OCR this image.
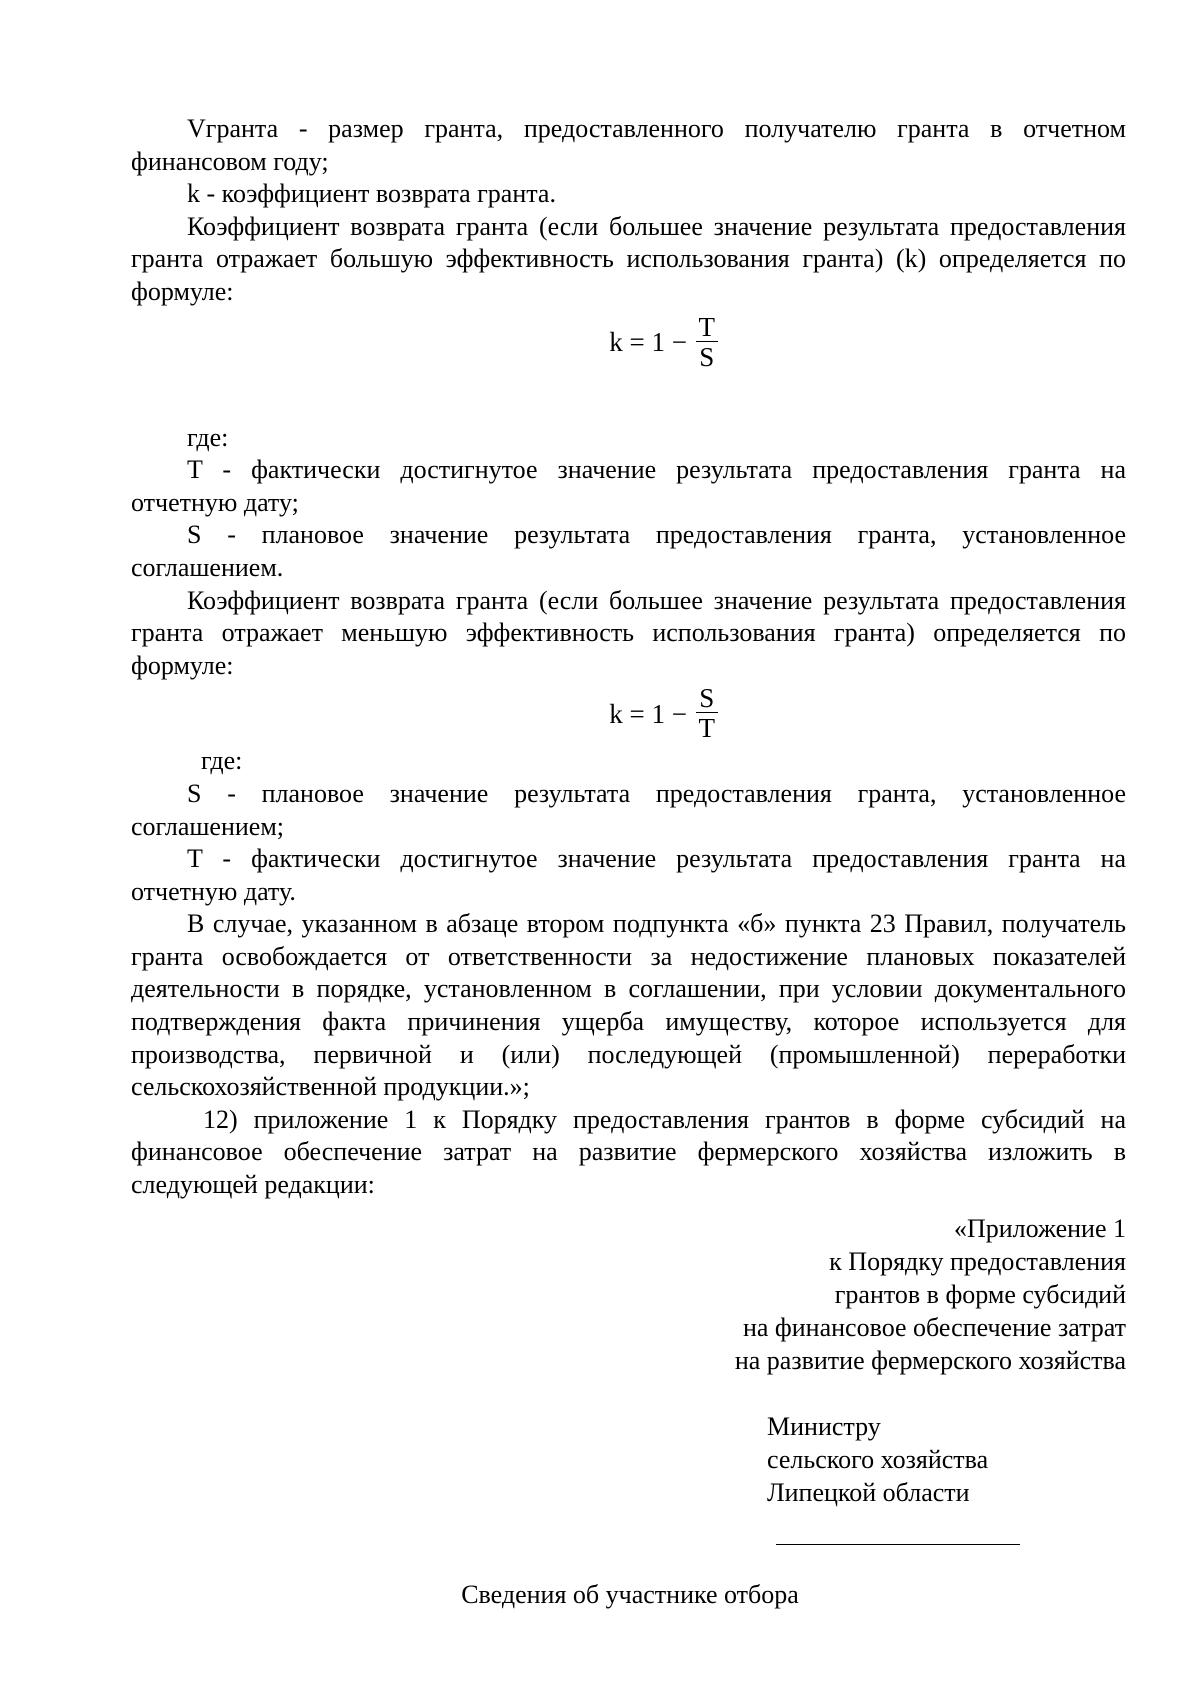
Vгранта - размер гранта, предоставленного получателю гранта в отчетном финансовом году;

k - коэффициент возврата гранта.

Коэффициент возврата гранта (если большее значение результата предоставления гранта отражает большую эффективность использования гранта) (k) определяется по формуле:

$k = 1 - \frac{T}{S}$

где:

T - фактически достигнутое значение результата предоставления гранта на отчетную дату;

S - плановое значение результата предоставления гранта, установленное соглашением.

Коэффициент возврата гранта (если большее значение результата предоставления гранта отражает меньшую эффективность использования гранта) определяется по формуле:

$k = 1 - \frac{S}{T}$

где:

S - плановое значение результата предоставления гранта, установленное соглашением;

T - фактически достигнутое значение результата предоставления гранта на отчетную дату.

В случае, указанном в абзаце втором подпункта «б» пункта 23 Правил, получатель гранта освобождается от ответственности за недостижение плановых показателей деятельности в порядке, установленном в соглашении, при условии документального подтверждения факта причинения ущерба имуществу, которое используется для производства, первичной и (или) последующей (промышленной) переработки сельскохозяйственной продукции.»;

12) приложение 1 к Порядку предоставления грантов в форме субсидий на финансовое обеспечение затрат на развитие фермерского хозяйства изложить в следующей редакции:

«Приложение 1
к Порядку предоставления
грантов в форме субсидий
на финансовое обеспечение затрат
на развитие фермерского хозяйства
Министру
сельского хозяйства
Липецкой области
Сведения об участнике отбора
